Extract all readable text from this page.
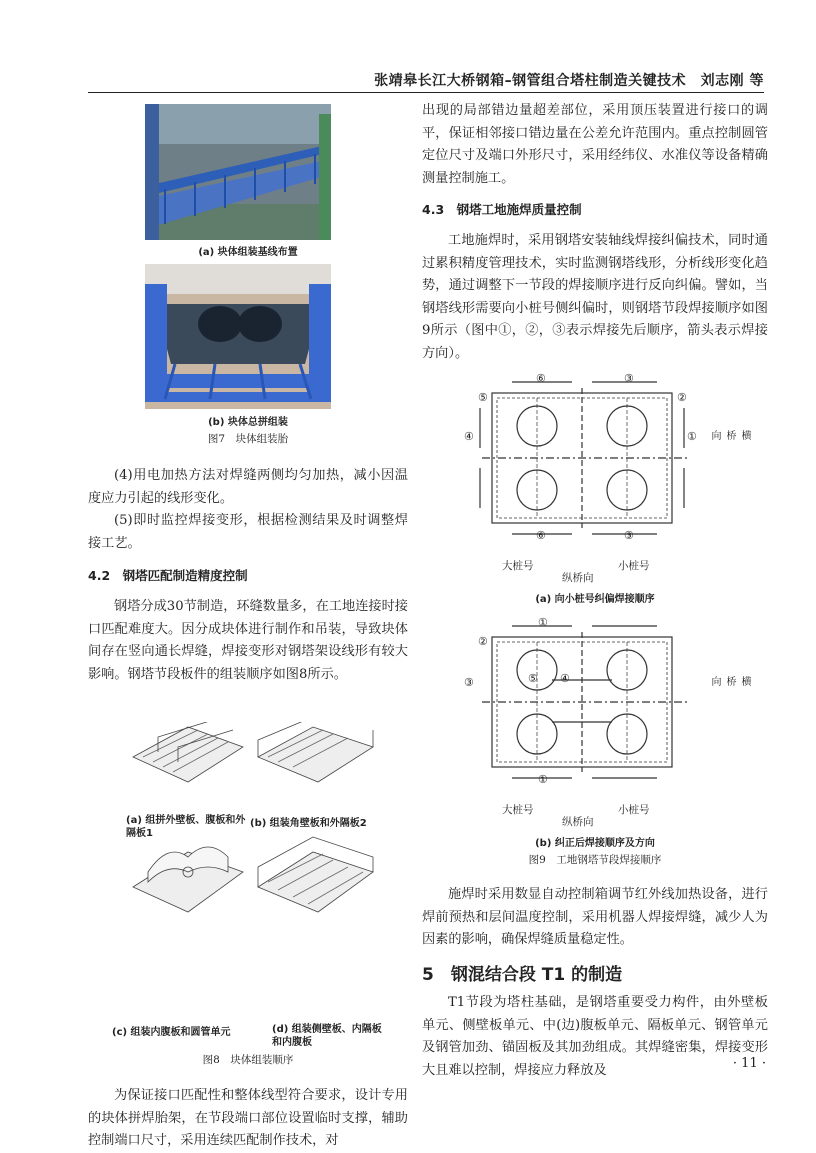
张靖皋长江大桥钢箱–钢管组合塔柱制造关键技术　刘志刚 等
(a) 块体组装基线布置
(b) 块体总拼组装
图7　块体组装胎

(4)用电加热方法对焊缝两侧均匀加热，减小因温度应力引起的线形变化。

(5)即时监控焊接变形，根据检测结果及时调整焊接工艺。

4.2　钢塔匹配制造精度控制

钢塔分成30节制造，环缝数量多，在工地连接时接口匹配难度大。因分成块体进行制作和吊装，导致块体间存在竖向通长焊缝，焊接变形对钢塔架设线形有较大影响。钢塔节段板件的组装顺序如图8所示。

(a) 组拼外壁板、腹板和外隔板1
(b) 组装角壁板和外隔板2
(c) 组装内腹板和圆管单元	(d) 组装侧壁板、内隔板和内腹板
图8　块体组装顺序

为保证接口匹配性和整体线型符合要求，设计专用的块体拼焊胎架，在节段端口部位设置临时支撑，辅助控制端口尺寸，采用连续匹配制作技术，对

出现的局部错边量超差部位，采用顶压装置进行接口的调平，保证相邻接口错边量在公差允许范围内。重点控制圆管定位尺寸及端口外形尺寸，采用经纬仪、水准仪等设备精确测量控制施工。

4.3　钢塔工地施焊质量控制

工地施焊时，采用钢塔安装轴线焊接纠偏技术，同时通过累积精度管理技术，实时监测钢塔线形，分析线形变化趋势，通过调整下一节段的焊接顺序进行反向纠偏。譬如，当钢塔线形需要向小桩号侧纠偏时，则钢塔节段焊接顺序如图9所示（图中①，②，③表示焊接先后顺序，箭头表示焊接方向）。

⑥	③
⑥	③
⑤	②
④	①	横桥向
大桩号	小桩号
纵桥向
(a) 向小桩号纠偏焊接顺序
①
①
②
③	④
⑤	横桥向
大桩号	小桩号
纵桥向
(b) 纠正后焊接顺序及方向
图9　工地钢塔节段焊接顺序

施焊时采用数显自动控制箱调节红外线加热设备，进行焊前预热和层间温度控制，采用机器人焊接焊缝，减少人为因素的影响，确保焊缝质量稳定性。

5　钢混结合段 T1 的制造

T1节段为塔柱基础，是钢塔重要受力构件，由外壁板单元、侧壁板单元、中(边)腹板单元、隔板单元、钢管单元及钢管加劲、锚固板及其加劲组成。其焊缝密集，焊接变形大且难以控制，焊接应力释放及	· 11 ·
